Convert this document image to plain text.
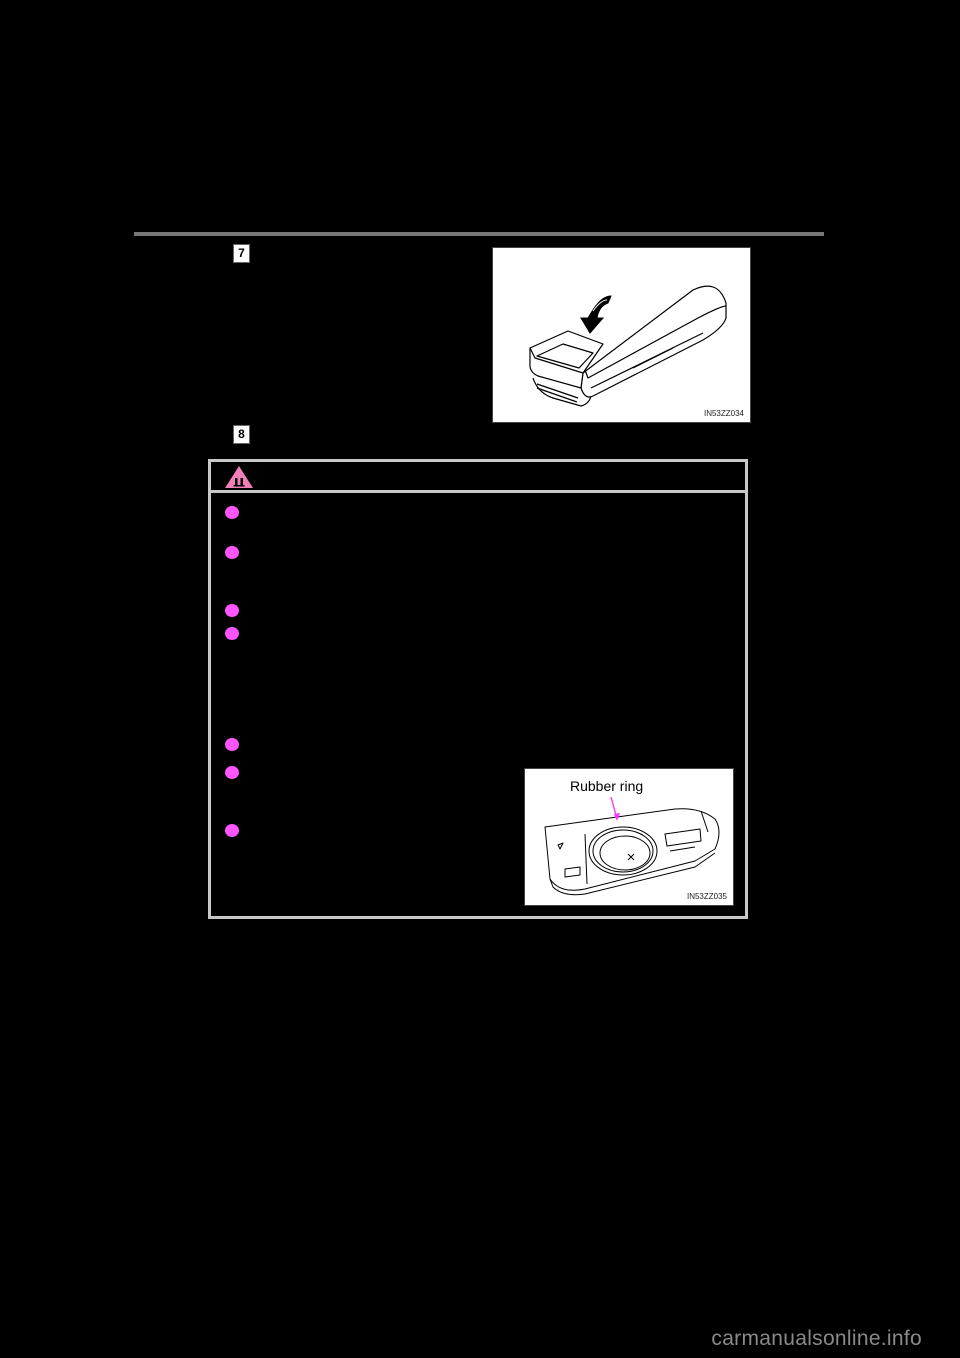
7
IN53ZZ034
8
Rubber ring
IN53ZZ035
carmanualsonline.info
